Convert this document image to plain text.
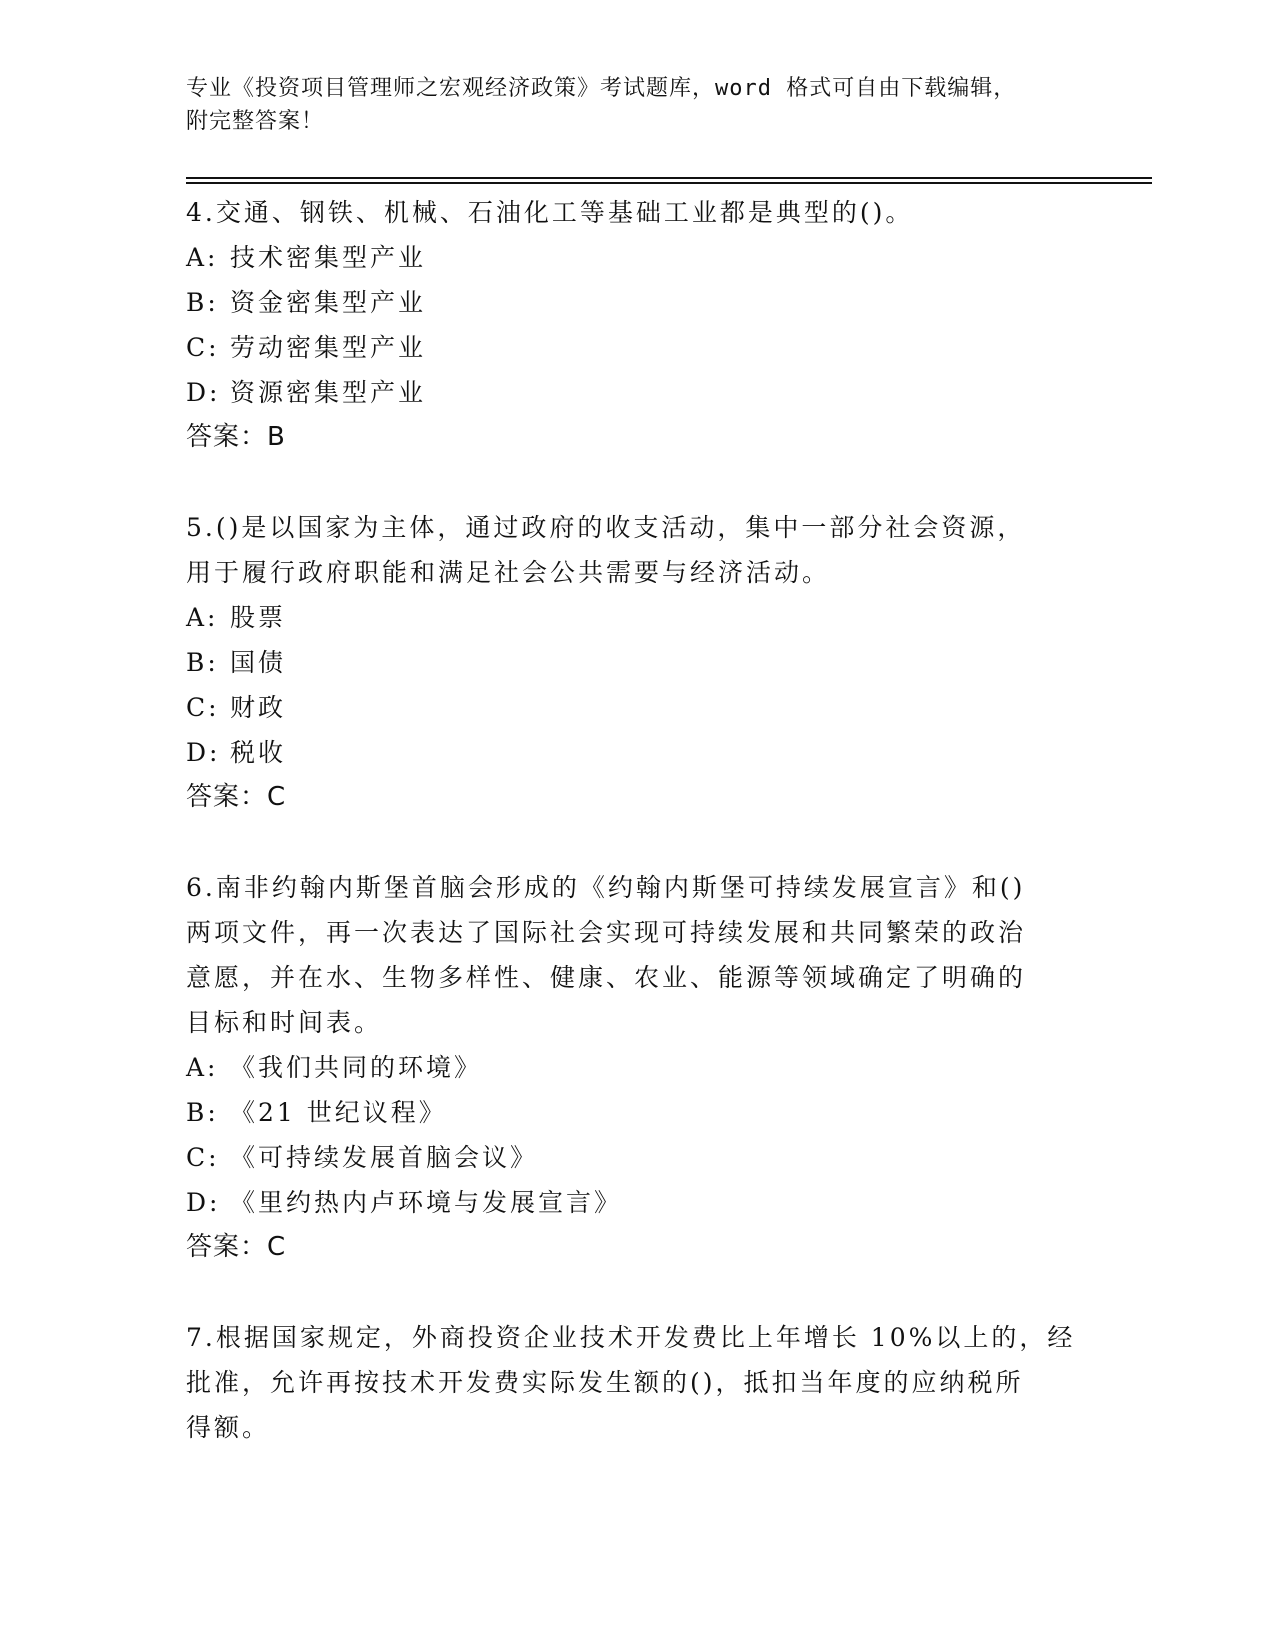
专业《投资项目管理师之宏观经济政策》考试题库，word 格式可自由下载编辑，
附完整答案！
4.交通、钢铁、机械、石油化工等基础工业都是典型的()。
A: 技术密集型产业
B: 资金密集型产业
C: 劳动密集型产业
D: 资源密集型产业
答案：B
5.()是以国家为主体，通过政府的收支活动，集中一部分社会资源，
用于履行政府职能和满足社会公共需要与经济活动。
A: 股票
B: 国债
C: 财政
D: 税收
答案：C
6.南非约翰内斯堡首脑会形成的《约翰内斯堡可持续发展宣言》和()
两项文件，再一次表达了国际社会实现可持续发展和共同繁荣的政治
意愿，并在水、生物多样性、健康、农业、能源等领域确定了明确的
目标和时间表。
A: 《我们共同的环境》
B: 《21 世纪议程》
C: 《可持续发展首脑会议》
D: 《里约热内卢环境与发展宣言》
答案：C
7.根据国家规定，外商投资企业技术开发费比上年增长 10%以上的，经
批准，允许再按技术开发费实际发生额的()，抵扣当年度的应纳税所
得额。
